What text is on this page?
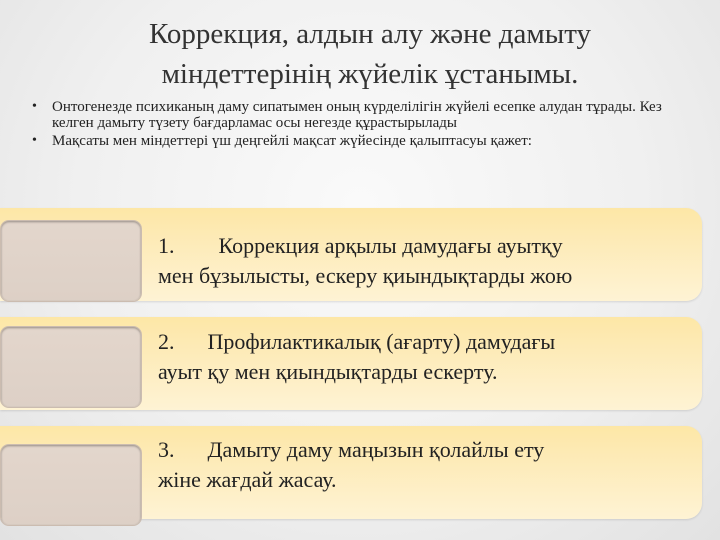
Коррекция, алдын алу және дамыту
міндеттерінің жүйелік ұстанымы.
• Онтогенезде психиканың даму сипатымен оның күрделілігін жүйелі есепке алудан тұрады. Кез келген дамыту түзету бағдарламас осы негезде құрастырылады
• Мақсаты мен міндеттері үш деңгейлі мақсат жүйесінде қалыптасуы қажет:
1.        Коррекция арқылы дамудағы ауытқу
мен бұзылысты, ескеру қиындықтарды жою
2.      Профилактикалық (ағарту) дамудағы
ауыт қу мен қиындықтарды ескерту.
3.      Дамыту даму маңызын қолайлы ету
жіне жағдай жасау.
